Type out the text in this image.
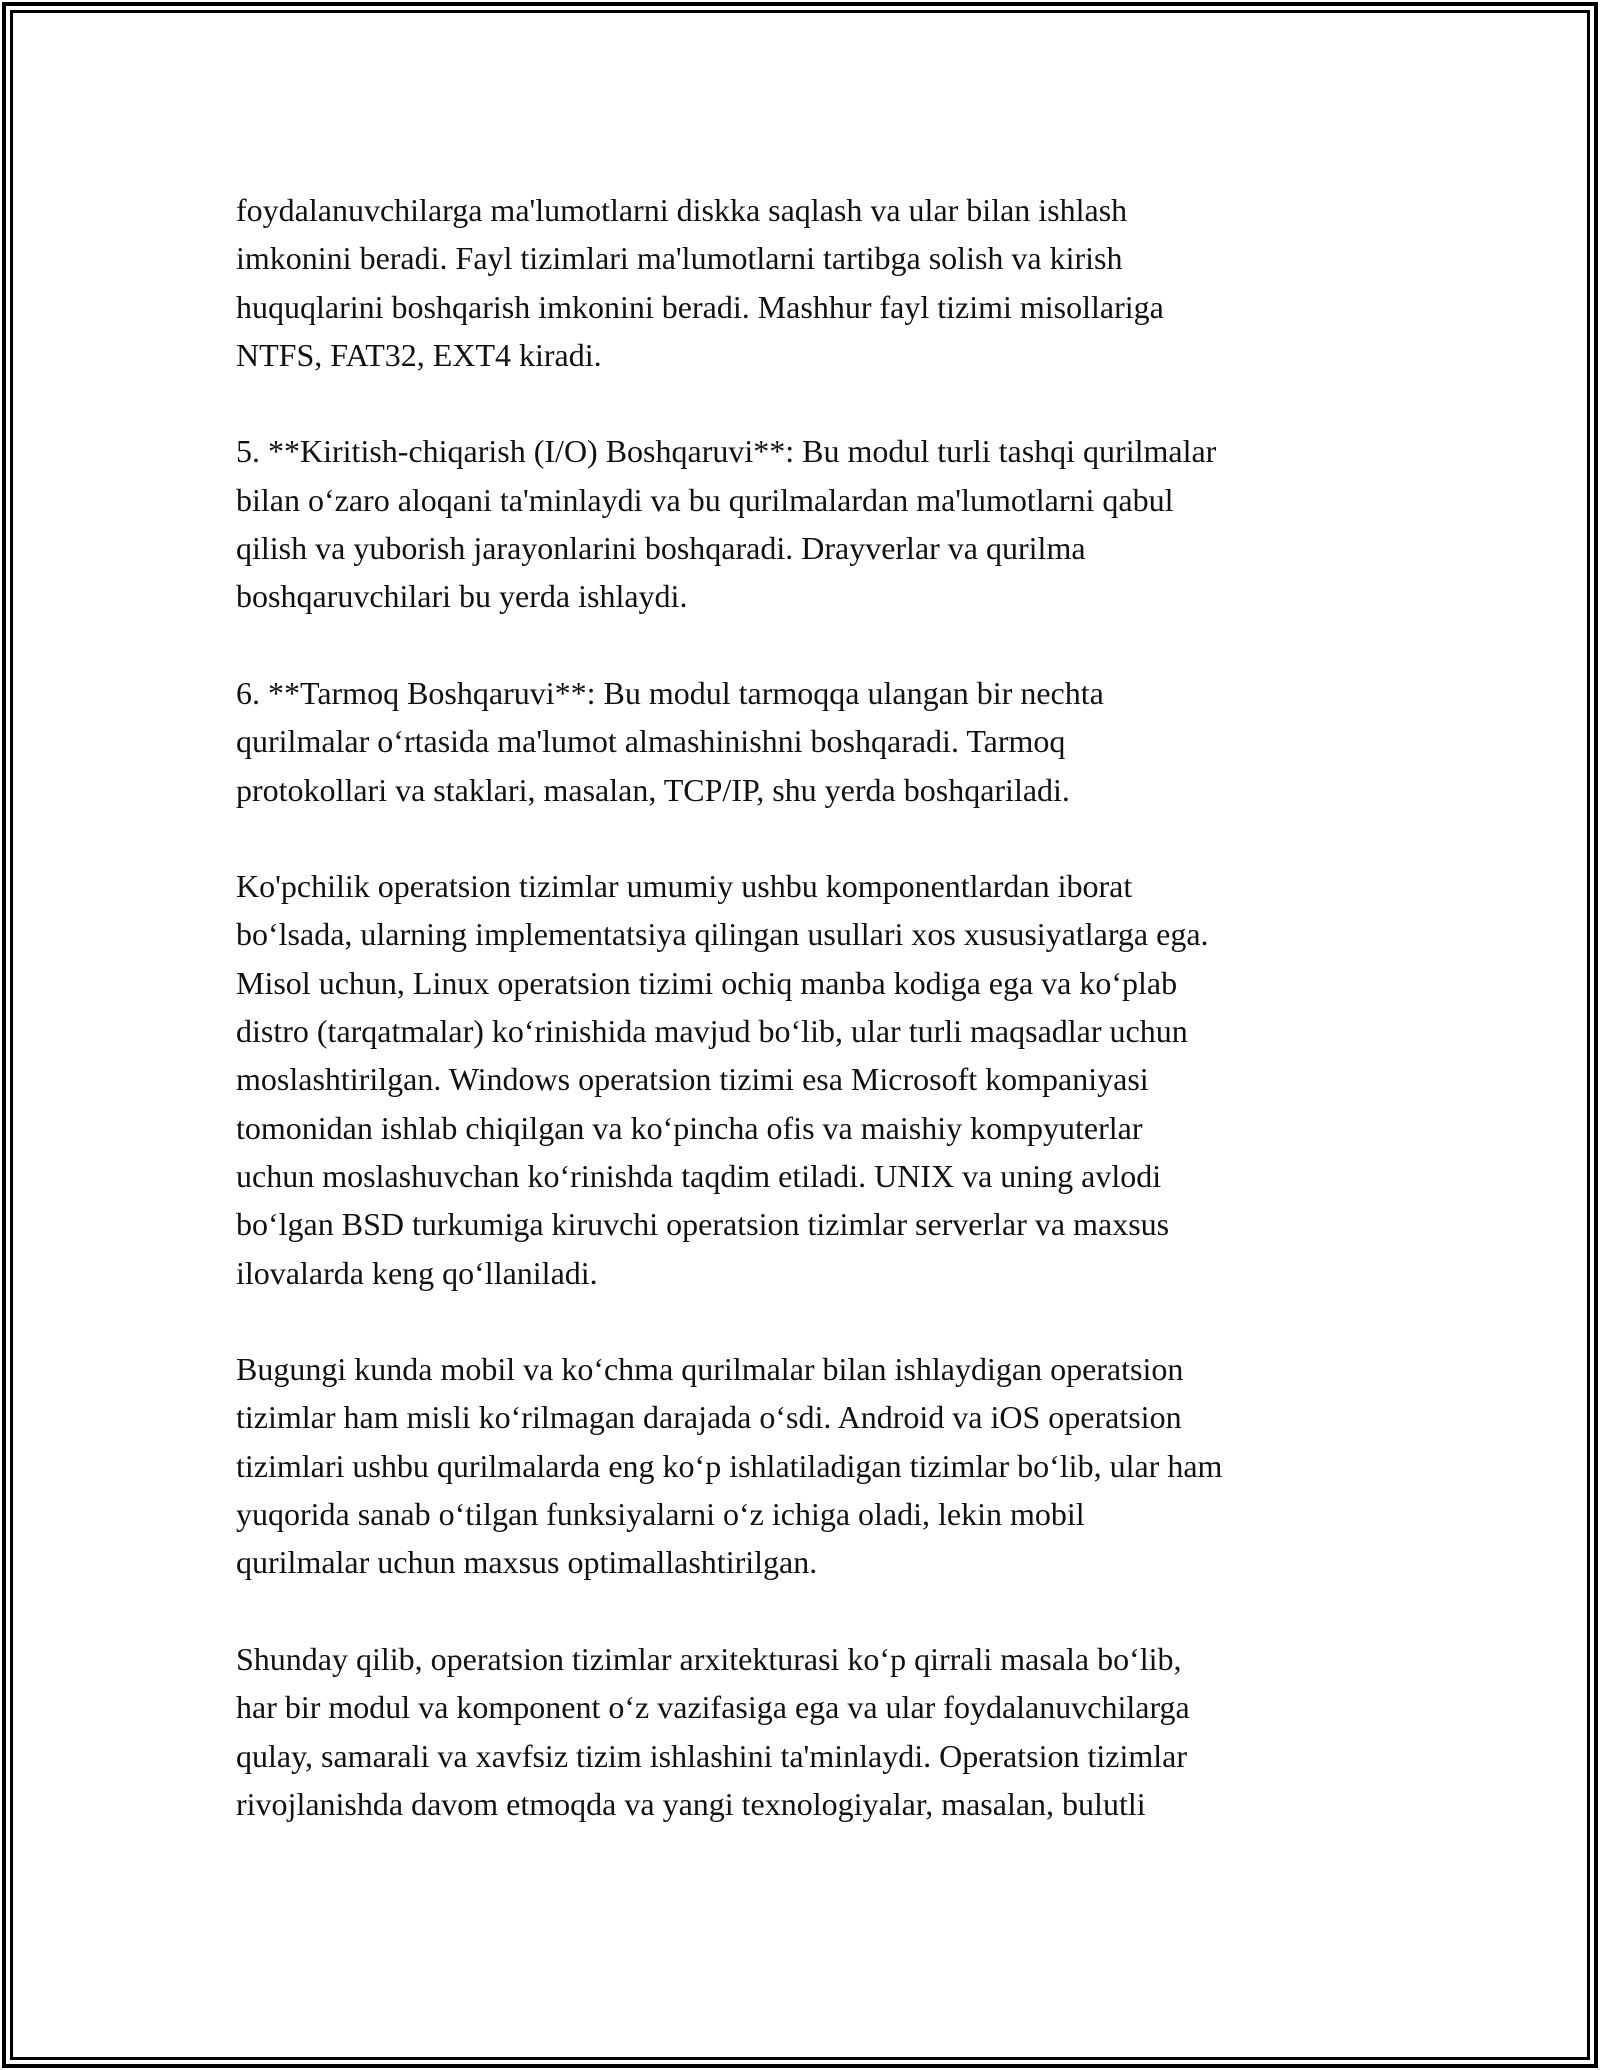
foydalanuvchilarga ma'lumotlarni diskka saqlash va ular bilan ishlash
imkonini beradi. Fayl tizimlari ma'lumotlarni tartibga solish va kirish
huquqlarini boshqarish imkonini beradi. Mashhur fayl tizimi misollariga
NTFS, FAT32, EXT4 kiradi.
5. **Kiritish-chiqarish (I/O) Boshqaruvi**: Bu modul turli tashqi qurilmalar
bilan o‘zaro aloqani ta'minlaydi va bu qurilmalardan ma'lumotlarni qabul
qilish va yuborish jarayonlarini boshqaradi. Drayverlar va qurilma
boshqaruvchilari bu yerda ishlaydi.
6. **Tarmoq Boshqaruvi**: Bu modul tarmoqqa ulangan bir nechta
qurilmalar o‘rtasida ma'lumot almashinishni boshqaradi. Tarmoq
protokollari va staklari, masalan, TCP/IP, shu yerda boshqariladi.
Ko'pchilik operatsion tizimlar umumiy ushbu komponentlardan iborat
bo‘lsada, ularning implementatsiya qilingan usullari xos xususiyatlarga ega.
Misol uchun, Linux operatsion tizimi ochiq manba kodiga ega va ko‘plab
distro (tarqatmalar) ko‘rinishida mavjud bo‘lib, ular turli maqsadlar uchun
moslashtirilgan. Windows operatsion tizimi esa Microsoft kompaniyasi
tomonidan ishlab chiqilgan va ko‘pincha ofis va maishiy kompyuterlar
uchun moslashuvchan ko‘rinishda taqdim etiladi. UNIX va uning avlodi
bo‘lgan BSD turkumiga kiruvchi operatsion tizimlar serverlar va maxsus
ilovalarda keng qo‘llaniladi.
Bugungi kunda mobil va ko‘chma qurilmalar bilan ishlaydigan operatsion
tizimlar ham misli ko‘rilmagan darajada o‘sdi. Android va iOS operatsion
tizimlari ushbu qurilmalarda eng ko‘p ishlatiladigan tizimlar bo‘lib, ular ham
yuqorida sanab o‘tilgan funksiyalarni o‘z ichiga oladi, lekin mobil
qurilmalar uchun maxsus optimallashtirilgan.
Shunday qilib, operatsion tizimlar arxitekturasi ko‘p qirrali masala bo‘lib,
har bir modul va komponent o‘z vazifasiga ega va ular foydalanuvchilarga
qulay, samarali va xavfsiz tizim ishlashini ta'minlaydi. Operatsion tizimlar
rivojlanishda davom etmoqda va yangi texnologiyalar, masalan, bulutli
